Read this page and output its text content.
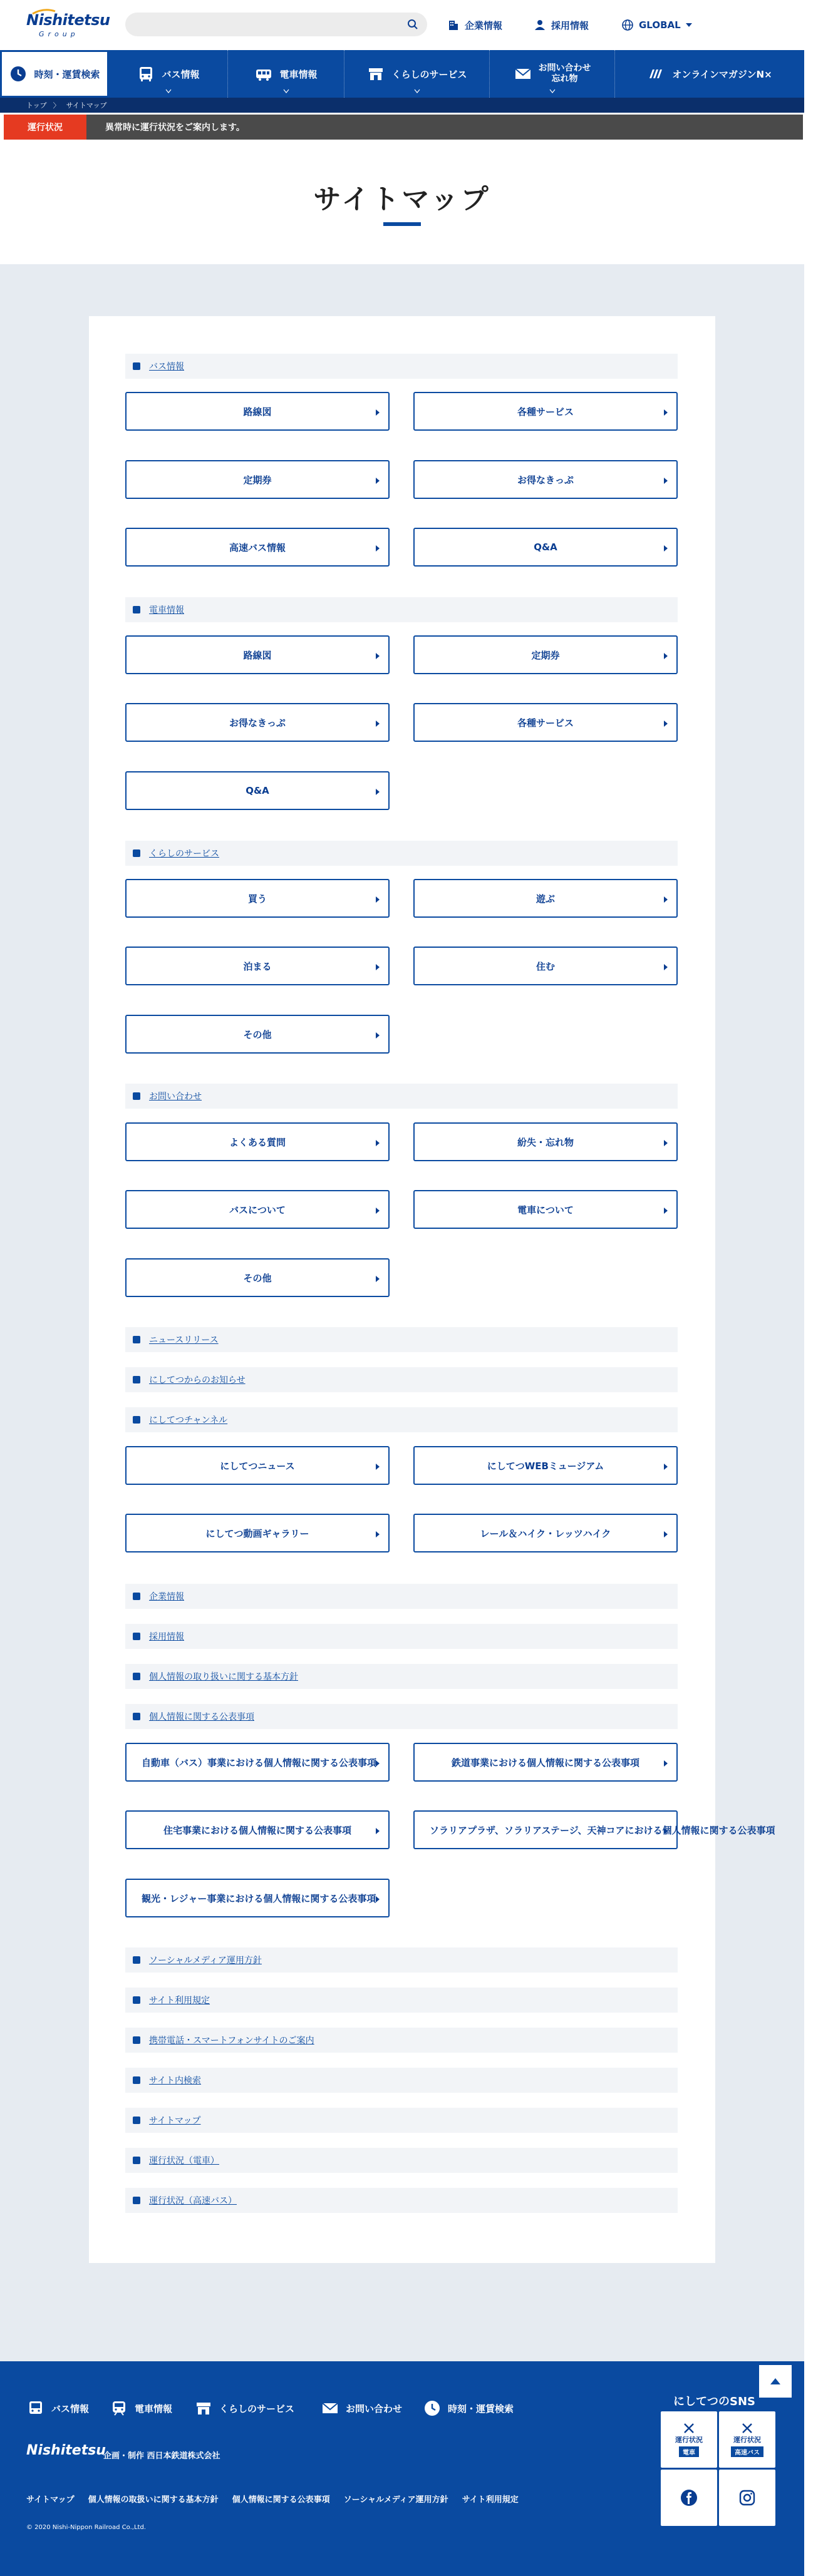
Nishitetsu
Group
企業情報	採用情報	GLOBAL
時刻・運賃検索	バス情報	電車情報	くらしのサービス
お問い合わせ
忘れ物	オンラインマガジンN×
トップ 〉 サイトマップ
運行状況	異常時に運行状況をご案内します。
サイトマップ
バス情報
路線図	各種サービス
定期券	お得なきっぷ
高速バス情報	Q&A
電車情報
路線図	定期券
お得なきっぷ	各種サービス
Q&A
くらしのサービス
買う	遊ぶ
泊まる	住む
その他
お問い合わせ
よくある質問	紛失・忘れ物
バスについて	電車について
その他
ニュースリリース
にしてつからのお知らせ
にしてつチャンネル
にしてつニュース	にしてつWEBミュージアム
にしてつ動画ギャラリー	レール＆ハイク・レッツハイク
企業情報
採用情報
個人情報の取り扱いに関する基本方針
個人情報に関する公表事項
自動車（バス）事業における個人情報に関する公表事項	鉄道事業における個人情報に関する公表事項
住宅事業における個人情報に関する公表事項	ソラリアプラザ、ソラリアステージ、天神コアにおける個人情報に関する公表事項
観光・レジャー事業における個人情報に関する公表事項
ソーシャルメディア運用方針
サイト利用規定
携帯電話・スマートフォンサイトのご案内
サイト内検索
サイトマップ
運行状況（電車）
運行状況（高速バス）
バス情報	電車情報	くらしのサービス	お問い合わせ	時刻・運賃検索
Nishitetsu
企画・制作 西日本鉄道株式会社
サイトマップ 個人情報の取扱いに関する基本方針 個人情報に関する公表事項 ソーシャルメディア運用方針 サイト利用規定
© 2020 Nishi-Nippon Railroad Co.,Ltd.
にしてつのSNS
運行状況
電車
運行状況
高速バス
